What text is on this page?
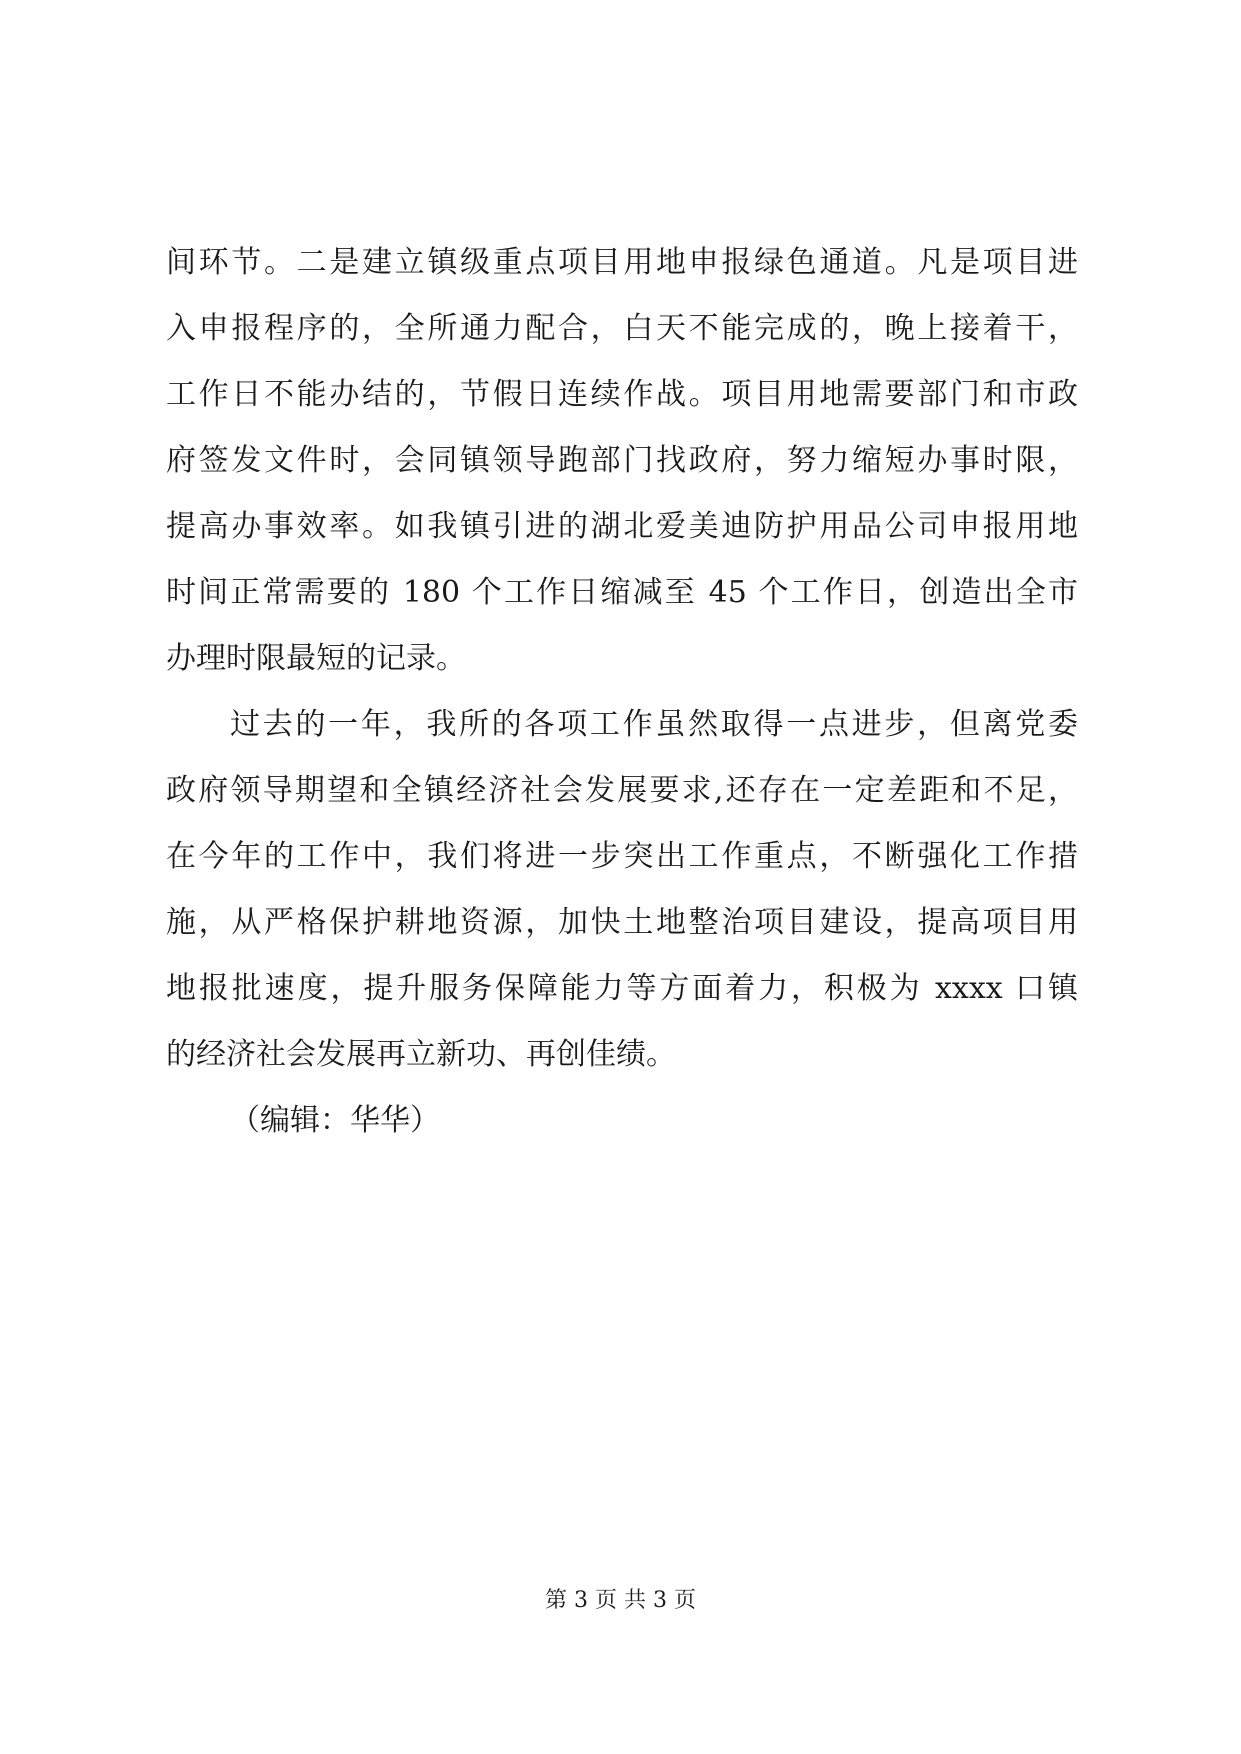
间环节。二是建立镇级重点项目用地申报绿色通道。凡是项目进
入申报程序的，全所通力配合，白天不能完成的，晚上接着干，
工作日不能办结的，节假日连续作战。项目用地需要部门和市政
府签发文件时，会同镇领导跑部门找政府，努力缩短办事时限，
提高办事效率。如我镇引进的湖北爱美迪防护用品公司申报用地
时间正常需要的 180 个工作日缩减至 45 个工作日，创造出全市
办理时限最短的记录。
过去的一年，我所的各项工作虽然取得一点进步，但离党委
政府领导期望和全镇经济社会发展要求,还存在一定差距和不足，
在今年的工作中，我们将进一步突出工作重点，不断强化工作措
施，从严格保护耕地资源，加快土地整治项目建设，提高项目用
地报批速度，提升服务保障能力等方面着力，积极为 xxxx 口镇
的经济社会发展再立新功、再创佳绩。
（编辑：华华）
第 3 页 共 3 页
